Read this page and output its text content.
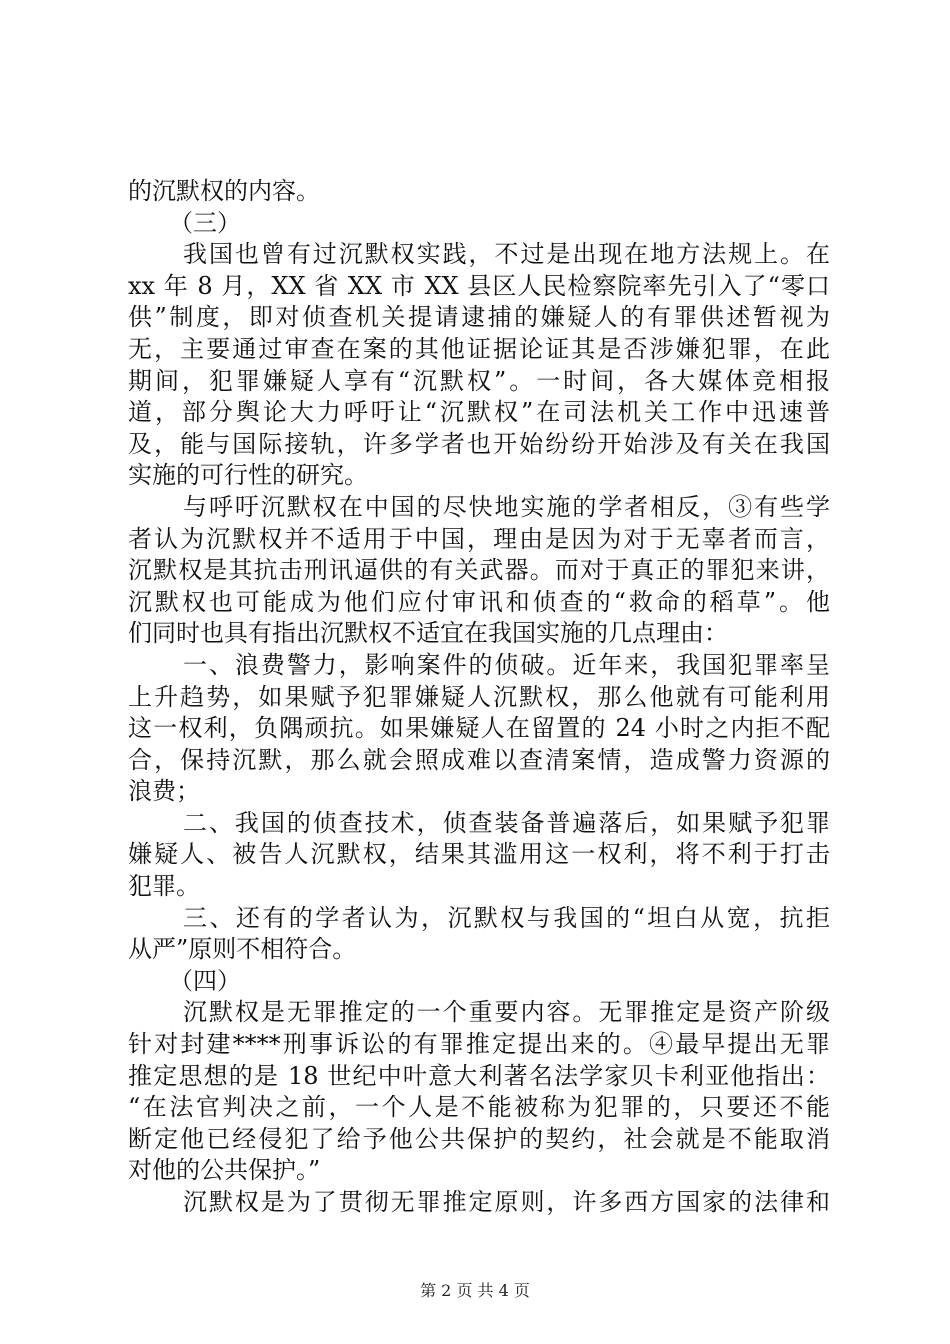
的沉默权的内容。
（三）
我国也曾有过沉默权实践，不过是出现在地方法规上。在
xx 年 8 月，XX 省 XX 市 XX 县区人民检察院率先引入了“零口
供”制度，即对侦查机关提请逮捕的嫌疑人的有罪供述暂视为
无，主要通过审查在案的其他证据论证其是否涉嫌犯罪，在此
期间，犯罪嫌疑人享有“沉默权”。一时间，各大媒体竞相报
道，部分舆论大力呼吁让“沉默权”在司法机关工作中迅速普
及，能与国际接轨，许多学者也开始纷纷开始涉及有关在我国
实施的可行性的研究。
与呼吁沉默权在中国的尽快地实施的学者相反，③有些学
者认为沉默权并不适用于中国，理由是因为对于无辜者而言，
沉默权是其抗击刑讯逼供的有关武器。而对于真正的罪犯来讲，
沉默权也可能成为他们应付审讯和侦查的“救命的稻草”。他
们同时也具有指出沉默权不适宜在我国实施的几点理由：
一、浪费警力，影响案件的侦破。近年来，我国犯罪率呈
上升趋势，如果赋予犯罪嫌疑人沉默权，那么他就有可能利用
这一权利，负隅顽抗。如果嫌疑人在留置的 24 小时之内拒不配
合，保持沉默，那么就会照成难以查清案情，造成警力资源的
浪费；
二、我国的侦查技术，侦查装备普遍落后，如果赋予犯罪
嫌疑人、被告人沉默权，结果其滥用这一权利，将不利于打击
犯罪。
三、还有的学者认为，沉默权与我国的“坦白从宽，抗拒
从严”原则不相符合。
（四）
沉默权是无罪推定的一个重要内容。无罪推定是资产阶级
针对封建****刑事诉讼的有罪推定提出来的。④最早提出无罪
推定思想的是 18 世纪中叶意大利著名法学家贝卡利亚他指出：
“在法官判决之前，一个人是不能被称为犯罪的，只要还不能
断定他已经侵犯了给予他公共保护的契约，社会就是不能取消
对他的公共保护。”
沉默权是为了贯彻无罪推定原则，许多西方国家的法律和
第 2 页 共 4 页
